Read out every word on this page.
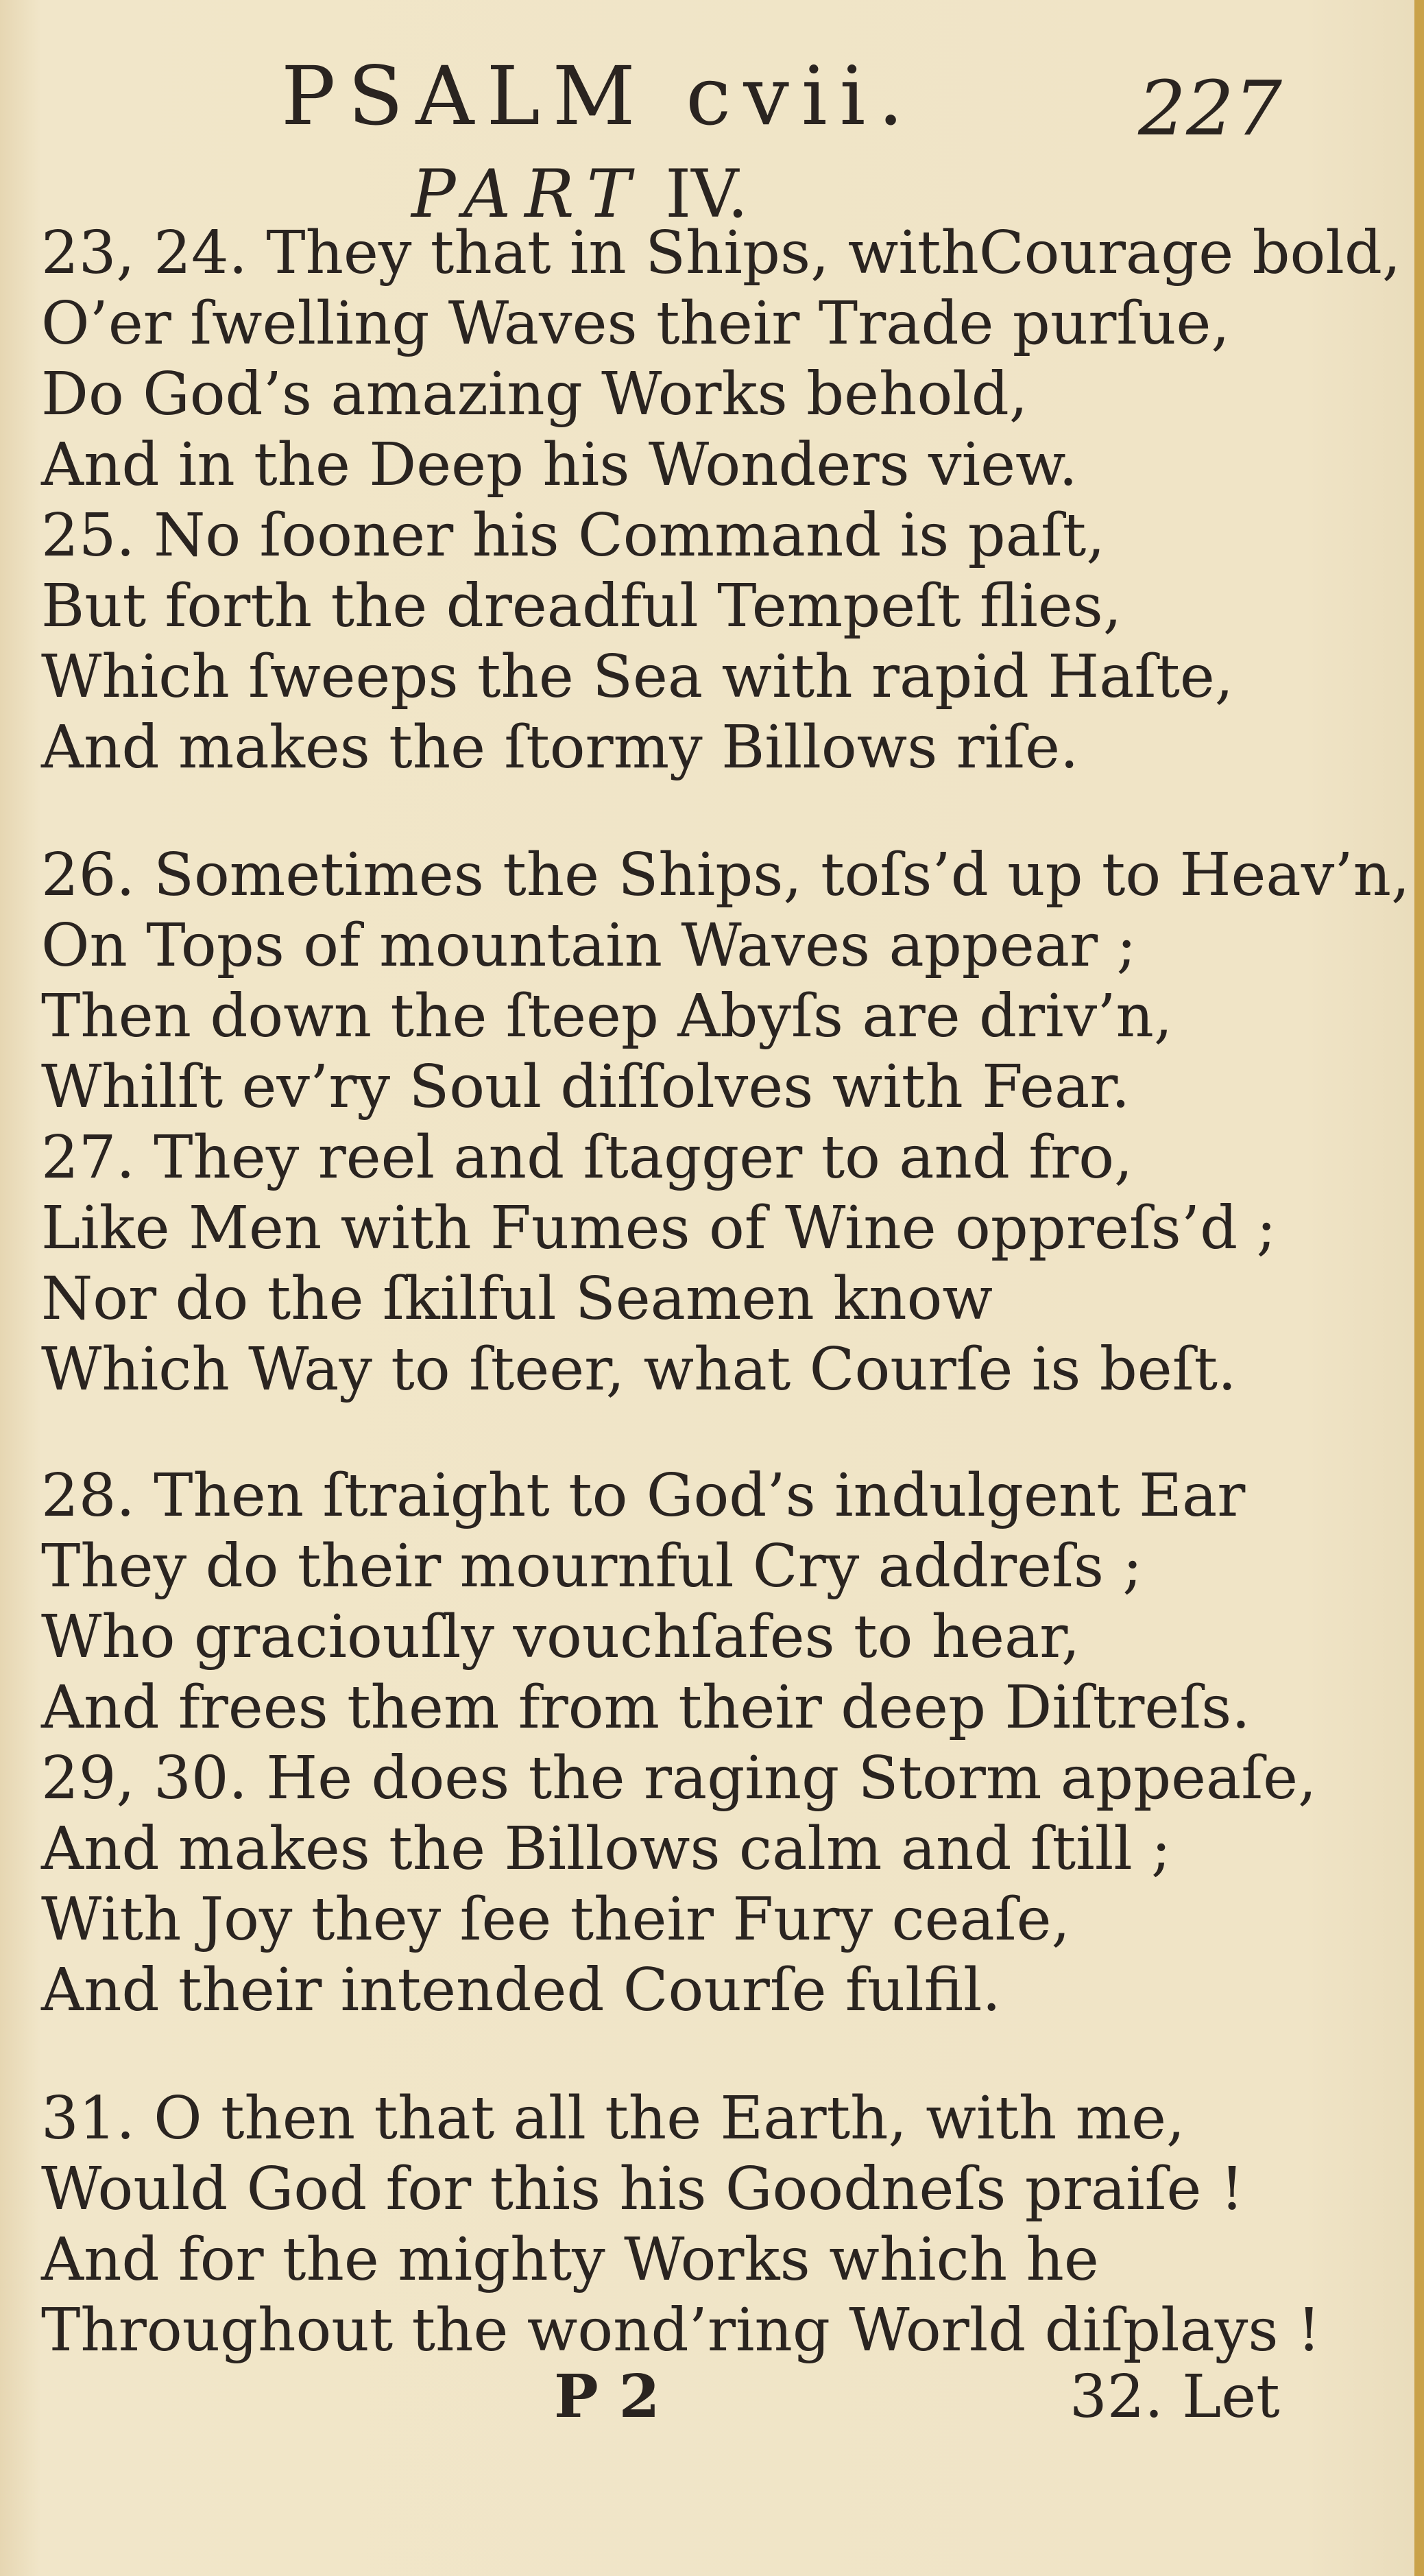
PSALM cvii.	227
PART IV.
23, 24. They that in Ships, withCourage bold,
O’er ſwelling Waves their Trade purſue,
Do God’s amazing Works behold,
And in the Deep his Wonders view.
25. No ſooner his Command is paſt,
But forth the dreadful Tempeſt flies,
Which ſweeps the Sea with rapid Haſte,
And makes the ſtormy Billows riſe.
26. Sometimes the Ships, toſs’d up to Heav’n,
On Tops of mountain Waves appear ;
Then down the ſteep Abyſs are driv’n,
Whilſt ev’ry Soul diſſolves with Fear.
27. They reel and ſtagger to and fro,
Like Men with Fumes of Wine oppreſs’d ;
Nor do the ſkilful Seamen know
Which Way to ſteer, what Courſe is beſt.
28. Then ſtraight to God’s indulgent Ear
They do their mournful Cry addreſs ;
Who graciouſly vouchſafes to hear,
And frees them from their deep Diſtreſs.
29, 30. He does the raging Storm appeaſe,
And makes the Billows calm and ſtill ;
With Joy they ſee their Fury ceaſe,
And their intended Courſe fulfil.
31. O then that all the Earth, with me,
Would God for this his Goodneſs praiſe !
And for the mighty Works which he
Throughout the wond’ring World diſplays !
P 2	32. Let
